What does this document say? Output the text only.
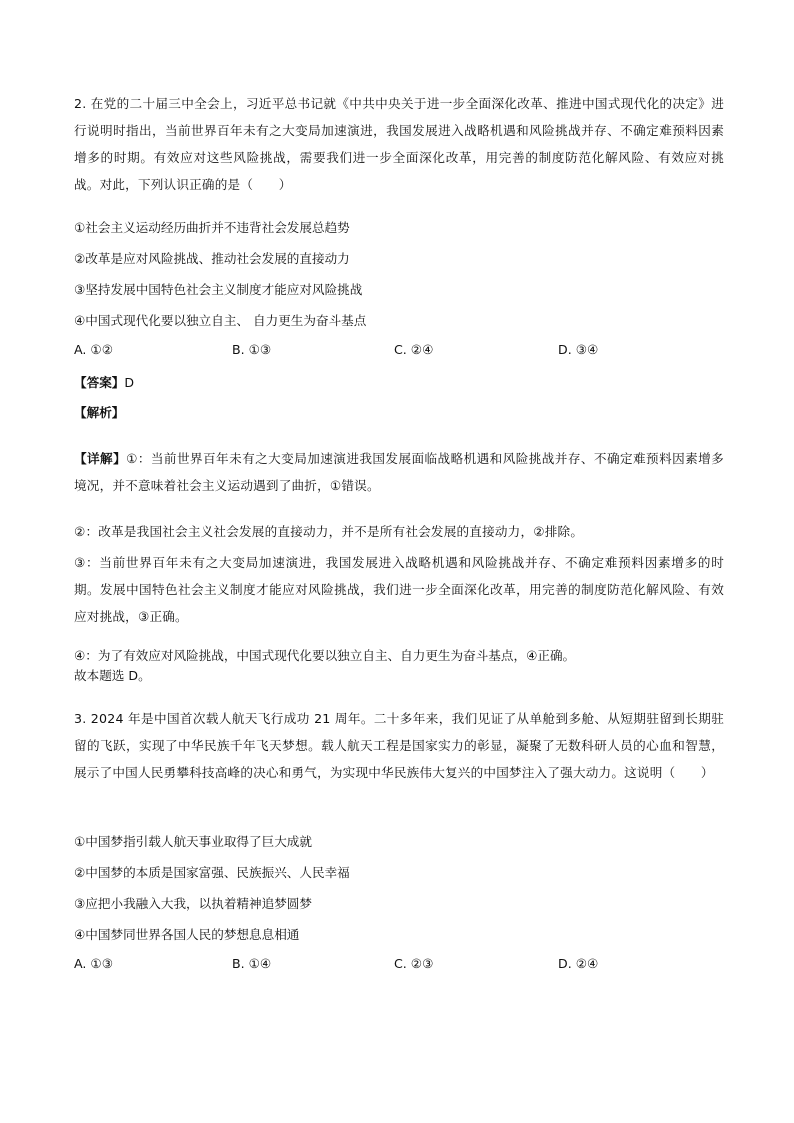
2. 在党的二十届三中全会上，习近平总书记就《中共中央关于进一步全面深化改革、推进中国式现代化的决定》进行说明时指出，当前世界百年未有之大变局加速演进，我国发展进入战略机遇和风险挑战并存、不确定难预料因素增多的时期。有效应对这些风险挑战，需要我们进一步全面深化改革，用完善的制度防范化解风险、有效应对挑战。对此，下列认识正确的是（　　）

①社会主义运动经历曲折并不违背社会发展总趋势

②改革是应对风险挑战、推动社会发展的直接动力

③坚持发展中国特色社会主义制度才能应对风险挑战

④中国式现代化要以独立自主、 自力更生为奋斗基点

A. ①②	B. ①③	C. ②④	D. ③④

【答案】D

【解析】

【详解】①：当前世界百年未有之大变局加速演进我国发展面临战略机遇和风险挑战并存、不确定难预料因素增多境况，并不意味着社会主义运动遇到了曲折，①错误。

②：改革是我国社会主义社会发展的直接动力，并不是所有社会发展的直接动力，②排除。

③：当前世界百年未有之大变局加速演进，我国发展进入战略机遇和风险挑战并存、不确定难预料因素增多的时期。发展中国特色社会主义制度才能应对风险挑战，我们进一步全面深化改革，用完善的制度防范化解风险、有效应对挑战，③正确。

④：为了有效应对风险挑战，中国式现代化要以独立自主、自力更生为奋斗基点，④正确。

故本题选 D。

3. 2024 年是中国首次载人航天飞行成功 21 周年。二十多年来，我们见证了从单舱到多舱、从短期驻留到长期驻留的飞跃，实现了中华民族千年飞天梦想。载人航天工程是国家实力的彰显，凝聚了无数科研人员的心血和智慧，展示了中国人民勇攀科技高峰的决心和勇气，为实现中华民族伟大复兴的中国梦注入了强大动力。这说明（　　）

①中国梦指引载人航天事业取得了巨大成就

②中国梦的本质是国家富强、民族振兴、人民幸福

③应把小我融入大我，以执着精神追梦圆梦

④中国梦同世界各国人民的梦想息息相通

A. ①③	B. ①④	C. ②③	D. ②④
